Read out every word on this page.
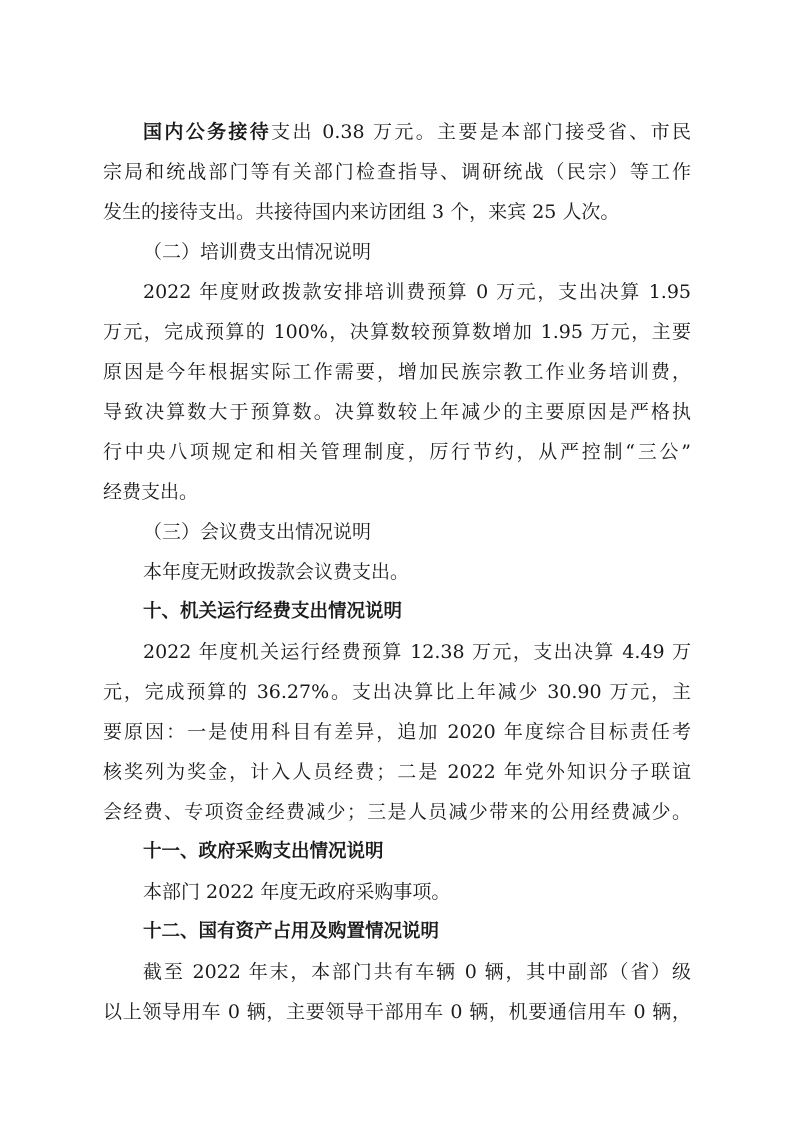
国内公务接待支出 0.38 万元。主要是本部门接受省、市民
宗局和统战部门等有关部门检查指导、调研统战（民宗）等工作
发生的接待支出。共接待国内来访团组 3 个，来宾 25 人次。
（二）培训费支出情况说明
2022 年度财政拨款安排培训费预算 0 万元，支出决算 1.95
万元，完成预算的 100%，决算数较预算数增加 1.95 万元，主要
原因是今年根据实际工作需要，增加民族宗教工作业务培训费，
导致决算数大于预算数。决算数较上年减少的主要原因是严格执
行中央八项规定和相关管理制度，厉行节约，从严控制“三公”
经费支出。
（三）会议费支出情况说明
本年度无财政拨款会议费支出。
十、机关运行经费支出情况说明
2022 年度机关运行经费预算 12.38 万元，支出决算 4.49 万
元，完成预算的 36.27%。支出决算比上年减少 30.90 万元，主
要原因：一是使用科目有差异，追加 2020 年度综合目标责任考
核奖列为奖金，计入人员经费；二是 2022 年党外知识分子联谊
会经费、专项资金经费减少；三是人员减少带来的公用经费减少。
十一、政府采购支出情况说明
本部门 2022 年度无政府采购事项。
十二、国有资产占用及购置情况说明
截至 2022 年末，本部门共有车辆 0 辆，其中副部（省）级
以上领导用车 0 辆，主要领导干部用车 0 辆，机要通信用车 0 辆，
